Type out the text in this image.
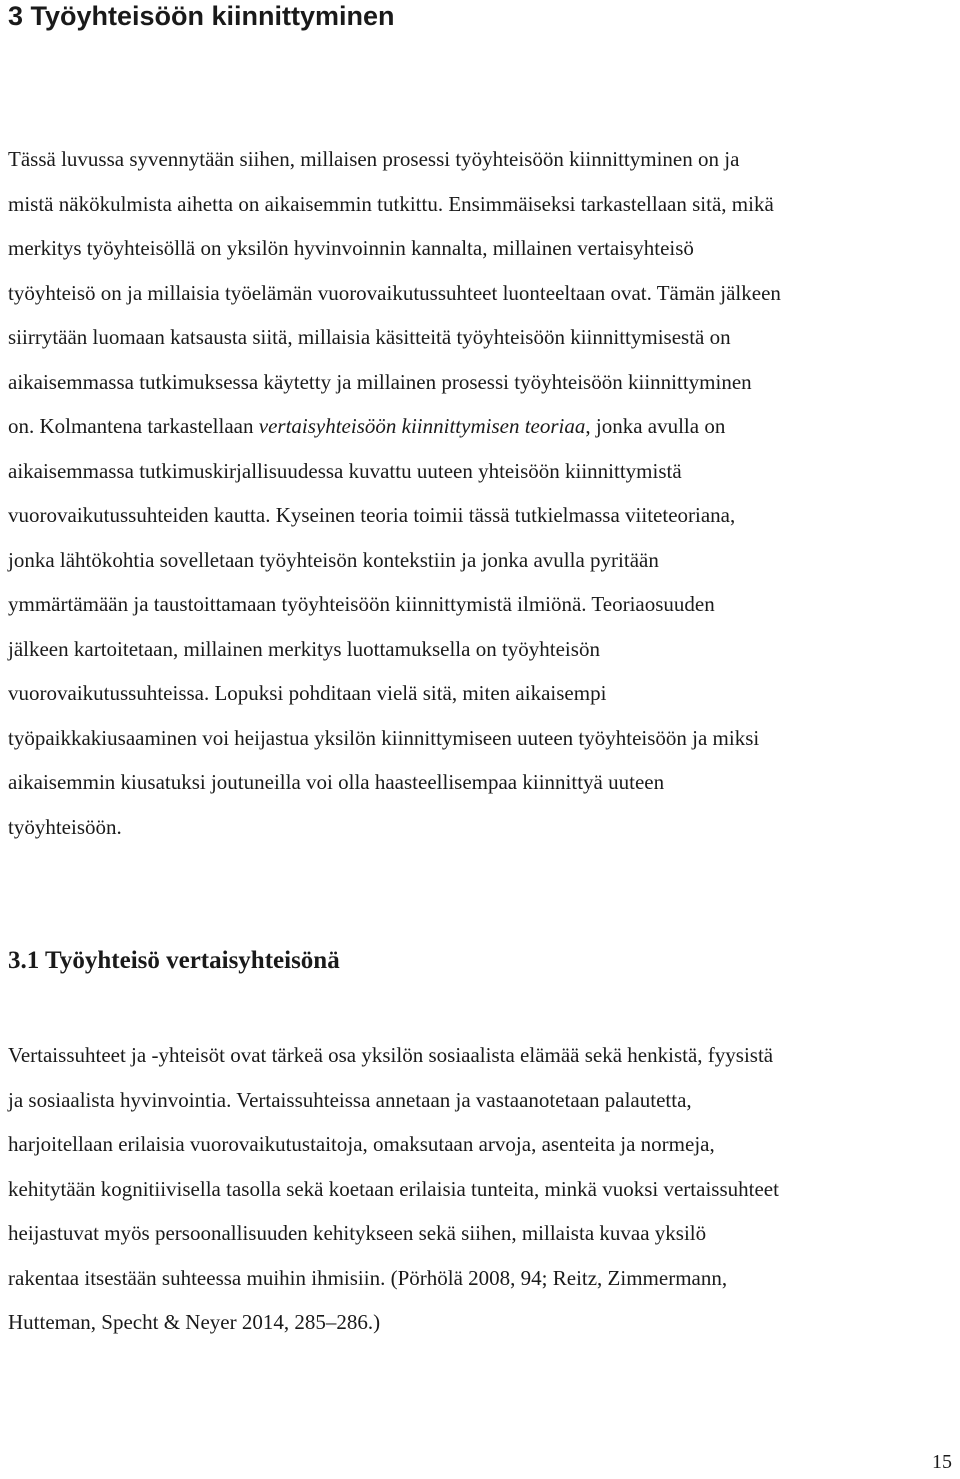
3 Työyhteisöön kiinnittyminen

Tässä luvussa syvennytään siihen, millaisen prosessi työyhteisöön kiinnittyminen on ja
mistä näkökulmista aihetta on aikaisemmin tutkittu. Ensimmäiseksi tarkastellaan sitä, mikä
merkitys työyhteisöllä on yksilön hyvinvoinnin kannalta, millainen vertaisyhteisö
työyhteisö on ja millaisia työelämän vuorovaikutussuhteet luonteeltaan ovat. Tämän jälkeen
siirrytään luomaan katsausta siitä, millaisia käsitteitä työyhteisöön kiinnittymisestä on
aikaisemmassa tutkimuksessa käytetty ja millainen prosessi työyhteisöön kiinnittyminen
on. Kolmantena tarkastellaan vertaisyhteisöön kiinnittymisen teoriaa, jonka avulla on
aikaisemmassa tutkimuskirjallisuudessa kuvattu uuteen yhteisöön kiinnittymistä
vuorovaikutussuhteiden kautta. Kyseinen teoria toimii tässä tutkielmassa viiteteoriana,
jonka lähtökohtia sovelletaan työyhteisön kontekstiin ja jonka avulla pyritään
ymmärtämään ja taustoittamaan työyhteisöön kiinnittymistä ilmiönä. Teoriaosuuden
jälkeen kartoitetaan, millainen merkitys luottamuksella on työyhteisön
vuorovaikutussuhteissa. Lopuksi pohditaan vielä sitä, miten aikaisempi
työpaikkakiusaaminen voi heijastua yksilön kiinnittymiseen uuteen työyhteisöön ja miksi
aikaisemmin kiusatuksi joutuneilla voi olla haasteellisempaa kiinnittyä uuteen
työyhteisöön.

3.1 Työyhteisö vertaisyhteisönä

Vertaissuhteet ja -yhteisöt ovat tärkeä osa yksilön sosiaalista elämää sekä henkistä, fyysistä
ja sosiaalista hyvinvointia. Vertaissuhteissa annetaan ja vastaanotetaan palautetta,
harjoitellaan erilaisia vuorovaikutustaitoja, omaksutaan arvoja, asenteita ja normeja,
kehitytään kognitiivisella tasolla sekä koetaan erilaisia tunteita, minkä vuoksi vertaissuhteet
heijastuvat myös persoonallisuuden kehitykseen sekä siihen, millaista kuvaa yksilö
rakentaa itsestään suhteessa muihin ihmisiin. (Pörhölä 2008, 94; Reitz, Zimmermann,
Hutteman, Specht & Neyer 2014, 285–286.)

15
